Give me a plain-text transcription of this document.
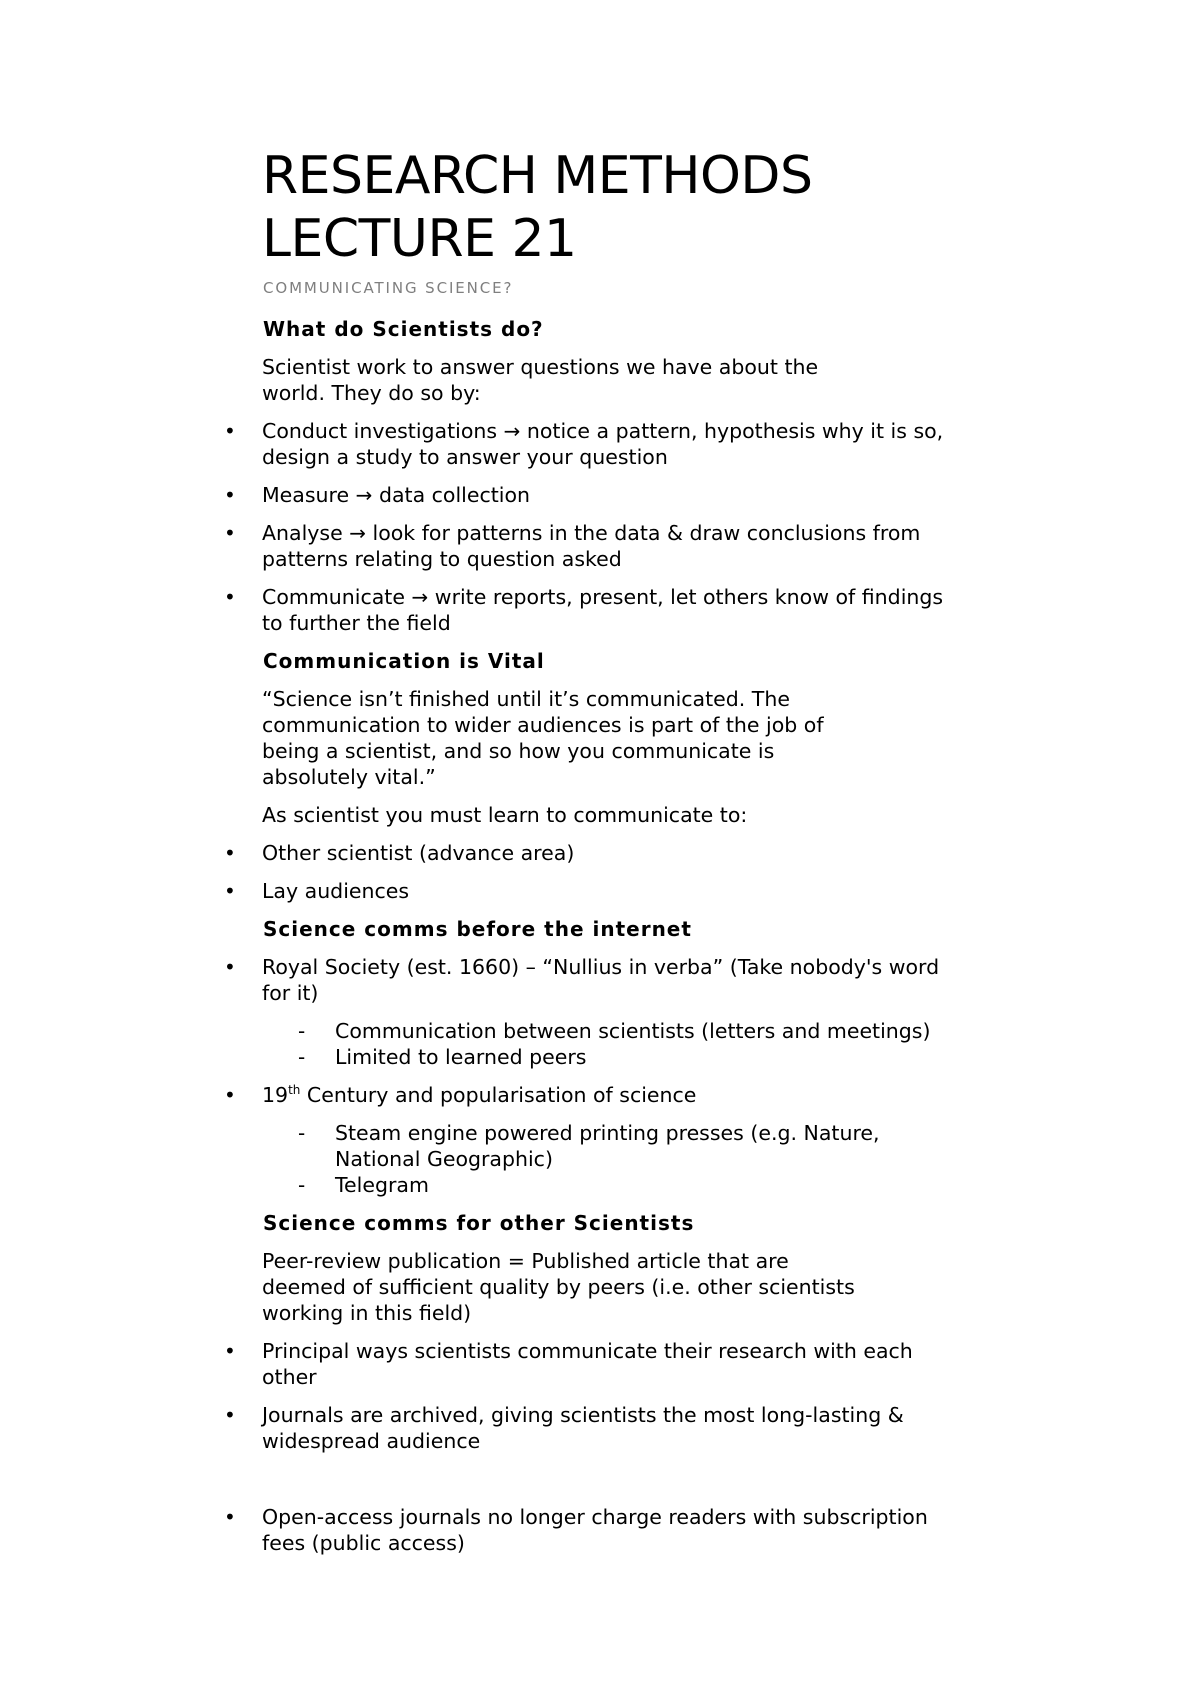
RESEARCH METHODS
LECTURE 21
COMMUNICATING SCIENCE?
What do Scientists do?
Scientist work to answer questions we have about the
world. They do so by:
• Conduct investigations → notice a pattern, hypothesis why it is so,
design a study to answer your question
• Measure → data collection
• Analyse → look for patterns in the data & draw conclusions from
patterns relating to question asked
• Communicate → write reports, present, let others know of findings
to further the field
Communication is Vital
“Science isn’t finished until it’s communicated. The
communication to wider audiences is part of the job of
being a scientist, and so how you communicate is
absolutely vital.”
As scientist you must learn to communicate to:
• Other scientist (advance area)
• Lay audiences
Science comms before the internet
• Royal Society (est. 1660) – “Nullius in verba” (Take nobody's word
for it)
- Communication between scientists (letters and meetings)
- Limited to learned peers
• 19th Century and popularisation of science
- Steam engine powered printing presses (e.g. Nature,
National Geographic)
- Telegram
Science comms for other Scientists
Peer-review publication = Published article that are
deemed of sufficient quality by peers (i.e. other scientists
working in this field)
• Principal ways scientists communicate their research with each
other
• Journals are archived, giving scientists the most long-lasting &
widespread audience
• Open-access journals no longer charge readers with subscription
fees (public access)
